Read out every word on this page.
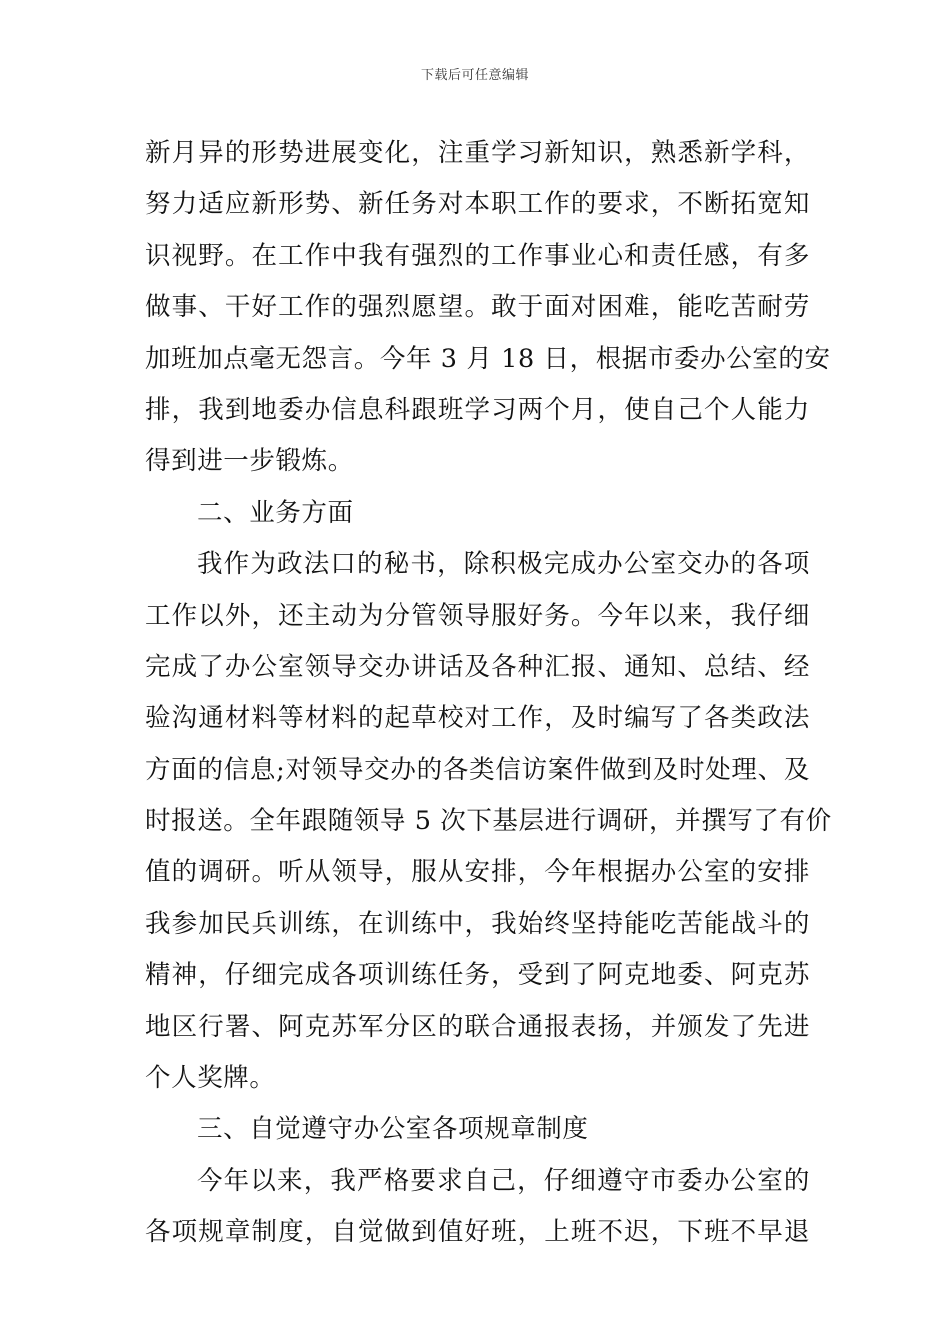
下载后可任意编辑
新月异的形势进展变化，注重学习新知识，熟悉新学科，
努力适应新形势、新任务对本职工作的要求，不断拓宽知
识视野。在工作中我有强烈的工作事业心和责任感，有多
做事、干好工作的强烈愿望。敢于面对困难，能吃苦耐劳
加班加点毫无怨言。今年 3 月 18 日，根据市委办公室的安
排，我到地委办信息科跟班学习两个月，使自己个人能力
得到进一步锻炼。
二、业务方面
我作为政法口的秘书，除积极完成办公室交办的各项
工作以外，还主动为分管领导服好务。今年以来，我仔细
完成了办公室领导交办讲话及各种汇报、通知、总结、经
验沟通材料等材料的起草校对工作，及时编写了各类政法
方面的信息;对领导交办的各类信访案件做到及时处理、及
时报送。全年跟随领导 5 次下基层进行调研，并撰写了有价
值的调研。听从领导，服从安排，今年根据办公室的安排
我参加民兵训练，在训练中，我始终坚持能吃苦能战斗的
精神，仔细完成各项训练任务，受到了阿克地委、阿克苏
地区行署、阿克苏军分区的联合通报表扬，并颁发了先进
个人奖牌。
三、自觉遵守办公室各项规章制度
今年以来，我严格要求自己，仔细遵守市委办公室的
各项规章制度，自觉做到值好班，上班不迟，下班不早退
